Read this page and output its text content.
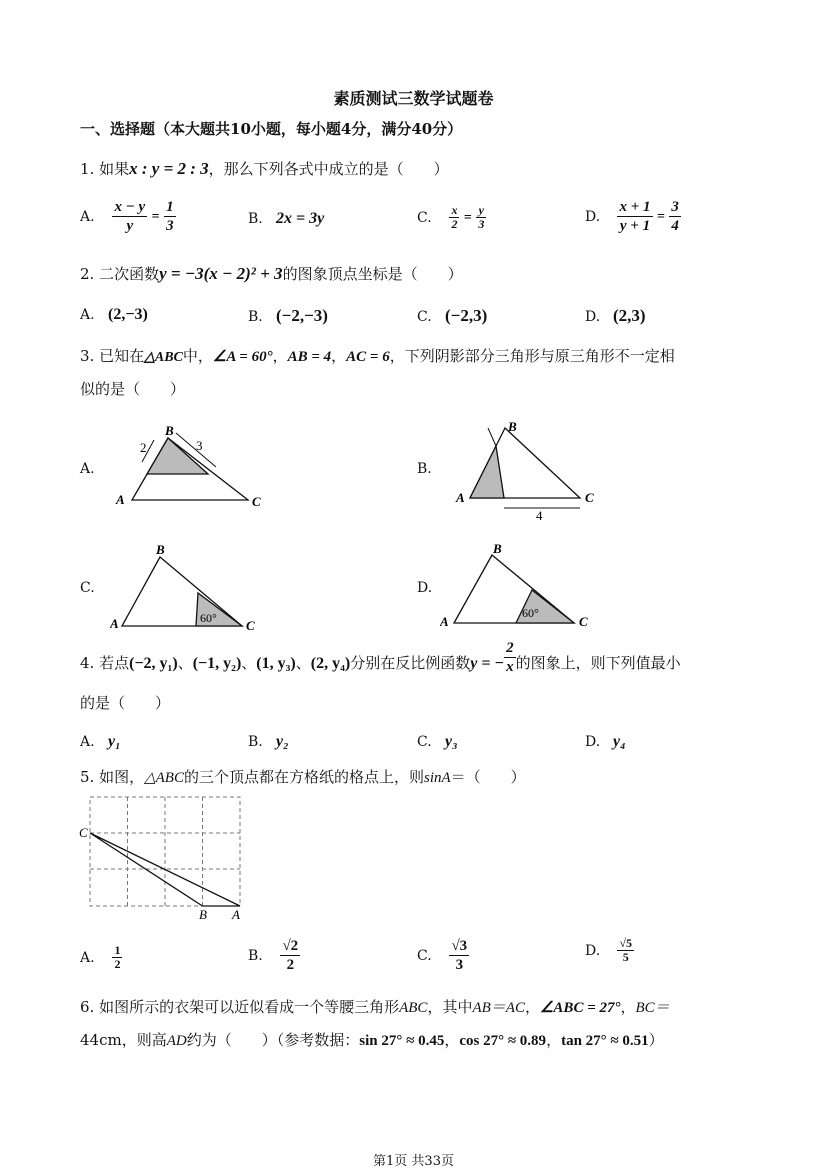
素质测试三数学试题卷
一、选择题（本大题共10小题，每小题4分，满分40分）
1. 如果x : y = 2 : 3，那么下列各式中成立的是（　　）
A. $\frac{x - y}{y} = \frac{1}{3}$	B. 2x = 3y	C. $\frac{x}{2} = \frac{y}{3}$	D. $\frac{x + 1}{y + 1} = \frac{3}{4}$
2. 二次函数y = −3(x − 2)² + 3的图象顶点坐标是（　　）
A. (2,−3)	B. (−2,−3)	C. (−2,3)	D. (2,3)
3. 已知在△ABC中，∠A = 60°，AB = 4，AC = 6，下列阴影部分三角形与原三角形不一定相
似的是（　　）
A.
B
A	C
2	3
B.
B
A	C
4
C.
B
A	C
60°
D.
B
A	C
60°
4. 若点(−2, y₁)、(−1, y₂)、(1, y₃)、(2, y₄)分别在反比例函数y = − $\frac{2}{x}$ 的图象上，则下列值最小
的是（　　）
A. y₁	B. y₂	C. y₃	D. y₄
5. 如图，△ABC的三个顶点都在方格纸的格点上，则sinA＝（　　）
C
B A
A. $\frac{1}{2}$	B. $\frac{√2}{2}$	C. $\frac{√3}{3}$	D. $\frac{√5}{5}$
6. 如图所示的衣架可以近似看成一个等腰三角形ABC，其中AB＝AC，∠ABC = 27°，BC＝
44cm，则高AD约为（　　）（参考数据：sin 27° ≈ 0.45，cos 27° ≈ 0.89，tan 27° ≈ 0.51）
第1页 共33页
